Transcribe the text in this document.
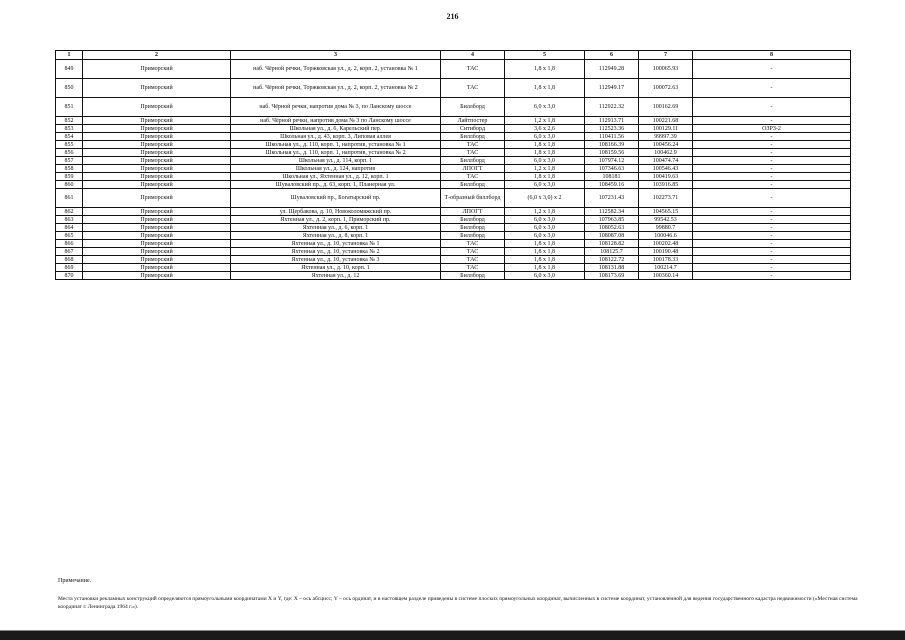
216
1	2	3	4	5	6	7	8
849	Приморский	наб. Чёрной речки, Торжковская ул., д. 2, корп. 2, установка № 1	ТАС	1,8 x 1,8	112949.28	100065.93	-
850	Приморский	наб. Чёрной речки, Торжковская ул., д. 2, корп. 2, установка № 2	ТАС	1,8 x 1,8	112949.17	100072.63	-
851	Приморский	наб. Чёрной речки, напротив дома № 3, по Ланскому шоссе	Биллборд	6,0 x 3,0	112922.32	100162.69	-
852	Приморский	наб. Чёрной речки, напротив дома № 3 по Ланскому шоссе	Лайтпостер	1,2 x 1,8	112913.71	100221.68	-
853	Приморский	Школьная ул., д. 6, Карельский пер.	Ситиборд	3,6 x 2,6	112523.36	100129.11	ОЗРЗ-2
854	Приморский	Школьная ул., д. 43, корп. 3, Липовая аллея	Биллборд	6,0 x 3,0	110411.56	99997.39	-
855	Приморский	Школьная ул., д. 110, корп. 1, напротив, установка № 1	ТАС	1,8 x 1,8	108166.39	100456.24	-
856	Приморский	Школьная ул., д. 110, корп. 1, напротив, установка № 2	ТАС	1,8 x 1,8	108159.56	100462.9	-
857	Приморский	Школьная ул., д. 114, корп. 1	Биллборд	6,0 x 3,0	107974.12	100474.74	-
858	Приморский	Школьная ул., д. 124, напротив	ЛПОГТ	1,2 x 1,8	107346.63	100546.43	-
859	Приморский	Школьная ул., Яхтенная ул., д. 12, корп. 1	ТАС	1,8 x 1,8	108181	100419.63	-
860	Приморский	Шуваловский пр., д. 63, корп. 1, Планерная ул.	Биллборд	6,0 x 3,0	108459.16	103916.85	-
861	Приморский	Шуваловский пр., Богатырский пр.	Т-образный биллборд	(6,0 x 3,0) x 2	107231.43	102273.71	-
862	Приморский	ул. Щербакова, д. 10, Новоколомяжский пр.	ЛПОГТ	1,2 x 1,8	112582.34	104565.15	-
863	Приморский	Яхтенная ул., д. 2, корп. 1, Приморский пр.	Биллборд	6,0 x 3,0	107963.85	99542.53	-
864	Приморский	Яхтенная ул., д. 6, корп. 1	Биллборд	6,0 x 3,0	108052.63	99880.7	-
865	Приморский	Яхтенная ул., д. 8, корп. 1	Биллборд	6,0 x 3,0	108087.08	100046.6	-
866	Приморский	Яхтенная ул., д. 10, установка № 1	ТАС	1,8 x 1,8	108128.82	100202.48	-
867	Приморский	Яхтенная ул., д. 10, установка № 2	ТАС	1,8 x 1,8	108125.7	100190.48	-
868	Приморский	Яхтенная ул., д. 10, установка № 3	ТАС	1,8 x 1,8	108122.72	100178.33	-
869	Приморский	Яхтенная ул., д. 10, корп. 1	ТАС	1,8 x 1,8	108131.88	100214.7	-
870	Приморский	Яхтенная ул., д. 12	Биллборд	6,0 x 3,0	108173.69	100360.14	-
Примечание.
Места установки рекламных конструкций определяются прямоугольными координатами X и Y, где: X – ось абсцисс; Y – ось ординат, и в настоящем разделе приведены в системе плоских прямоугольных координат, вычисленных в системе координат, установленной для ведения государственного кадастра недвижимости («Местная система координат г. Ленинграда 1964 г.»).
